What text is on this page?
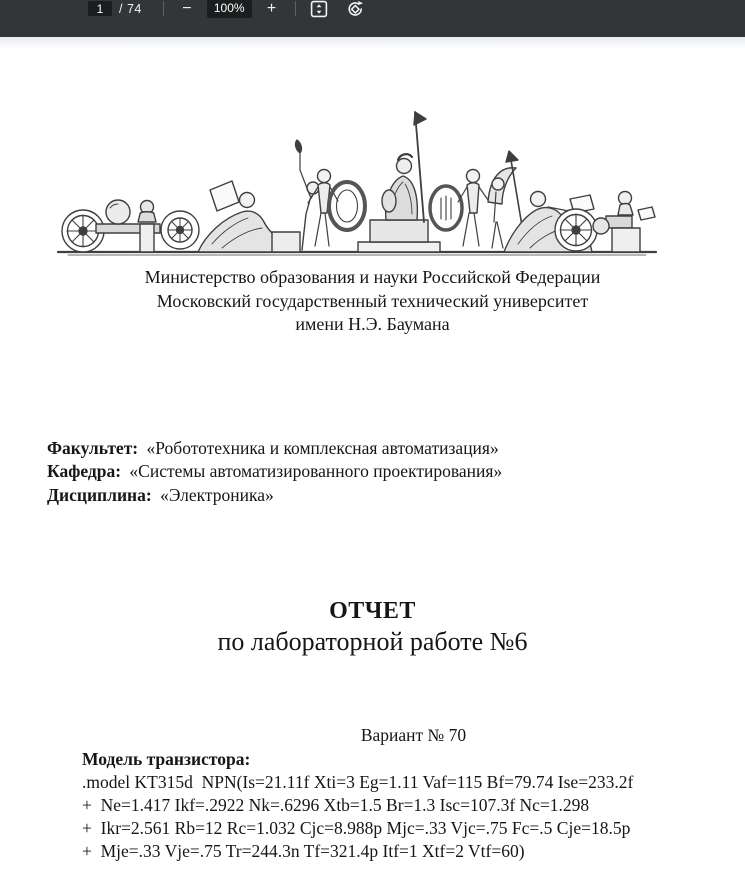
1
/ 74	−	100%	+
Министерство образования и науки Российской Федерации
Московский государственный технический университет
имени Н.Э. Баумана
Факультет: «Робототехника и комплексная автоматизация»
Кафедра: «Системы автоматизированного проектирования»
Дисциплина: «Электроника»
ОТЧЕТ
по лабораторной работе №6
Вариант № 70
Модель транзистора:
.model KT315d  NPN(Is=21.11f Xti=3 Eg=1.11 Vaf=115 Bf=79.74 Ise=233.2f
+  Ne=1.417 Ikf=.2922 Nk=.6296 Xtb=1.5 Br=1.3 Isc=107.3f Nc=1.298
+  Ikr=2.561 Rb=12 Rc=1.032 Cjc=8.988p Mjc=.33 Vjc=.75 Fc=.5 Cje=18.5p
+  Mje=.33 Vje=.75 Tr=244.3n Tf=321.4p Itf=1 Xtf=2 Vtf=60)
